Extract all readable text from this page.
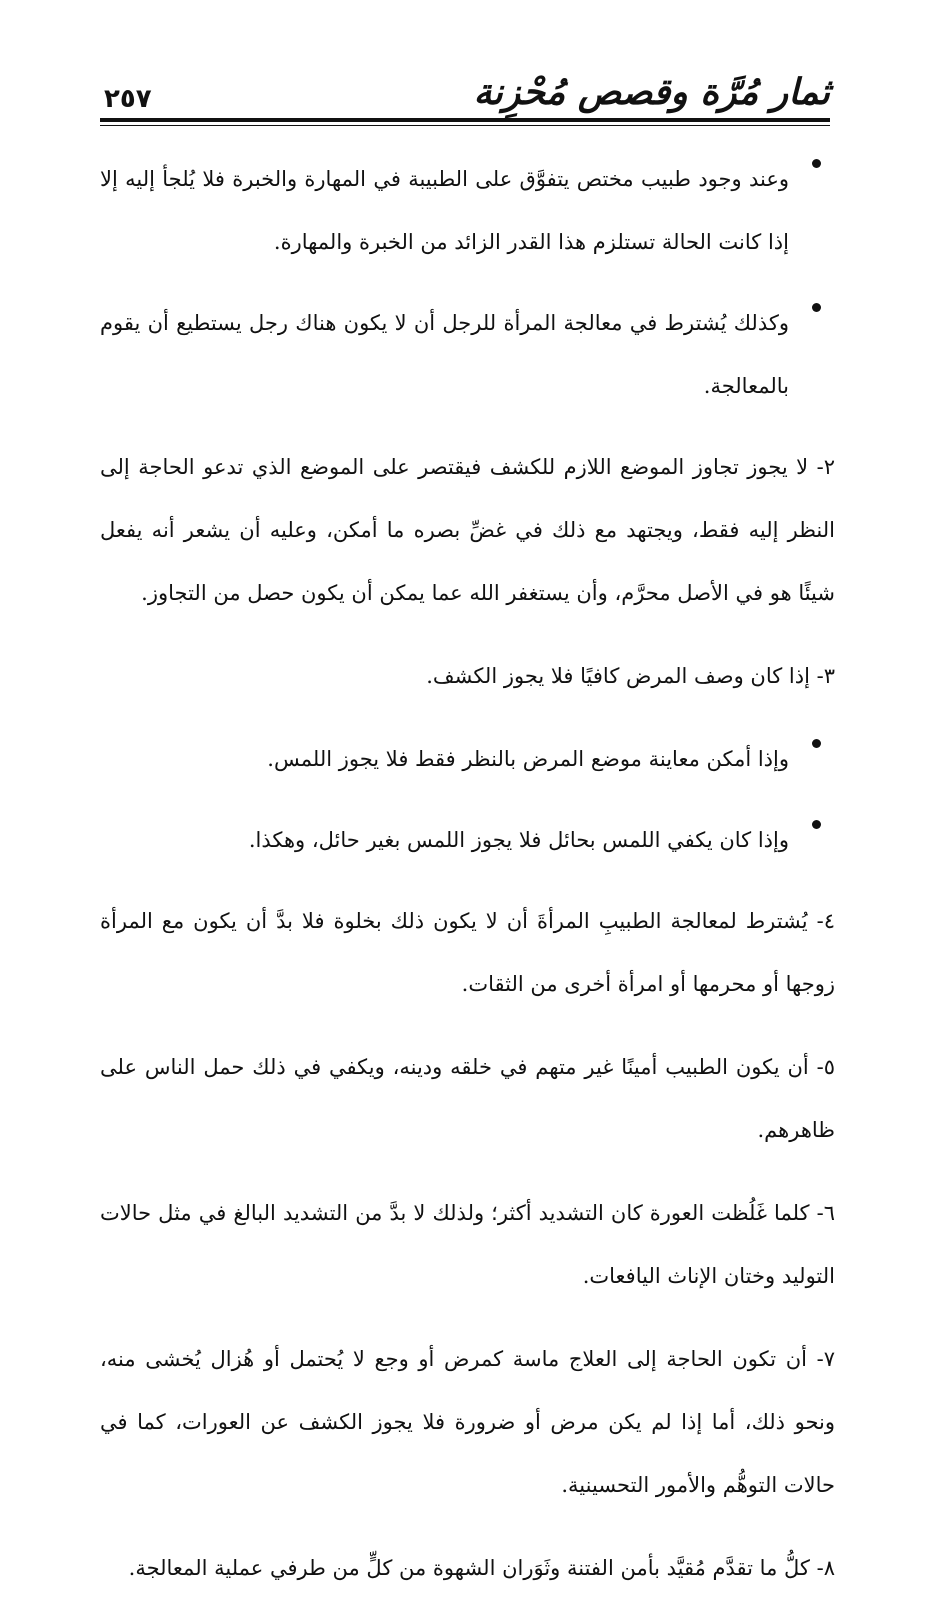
ثمار مُرَّة وقصص مُحْزِنة
٢٥٧

وعند وجود طبيب مختص يتفوَّق على الطبيبة في المهارة والخبرة فلا يُلجأ إليه إلا إذا كانت الحالة تستلزم هذا القدر الزائد من الخبرة والمهارة.

وكذلك يُشترط في معالجة المرأة للرجل أن لا يكون هناك رجل يستطيع أن يقوم بالمعالجة.

٢- لا يجوز تجاوز الموضع اللازم للكشف فيقتصر على الموضع الذي تدعو الحاجة إلى النظر إليه فقط، ويجتهد مع ذلك في غضِّ بصره ما أمكن، وعليه أن يشعر أنه يفعل شيئًا هو في الأصل محرَّم، وأن يستغفر الله عما يمكن أن يكون حصل من التجاوز.

٣- إذا كان وصف المرض كافيًا فلا يجوز الكشف.

وإذا أمكن معاينة موضع المرض بالنظر فقط فلا يجوز اللمس.

وإذا كان يكفي اللمس بحائل فلا يجوز اللمس بغير حائل، وهكذا.

٤- يُشترط لمعالجة الطبيبِ المرأةَ أن لا يكون ذلك بخلوة فلا بدَّ أن يكون مع المرأة زوجها أو محرمها أو امرأة أخرى من الثقات.

٥- أن يكون الطبيب أمينًا غير متهم في خلقه ودينه، ويكفي في ذلك حمل الناس على ظاهرهم.

٦- كلما غَلُظت العورة كان التشديد أكثر؛ ولذلك لا بدَّ من التشديد البالغ في مثل حالات التوليد وختان الإناث اليافعات.

٧- أن تكون الحاجة إلى العلاج ماسة كمرض أو وجع لا يُحتمل أو هُزال يُخشى منه، ونحو ذلك، أما إذا لم يكن مرض أو ضرورة فلا يجوز الكشف عن العورات، كما في حالات التوهُّم والأمور التحسينية.

٨- كلُّ ما تقدَّم مُقيَّد بأمن الفتنة وثَوَران الشهوة من كلٍّ من طرفي عملية المعالجة.
